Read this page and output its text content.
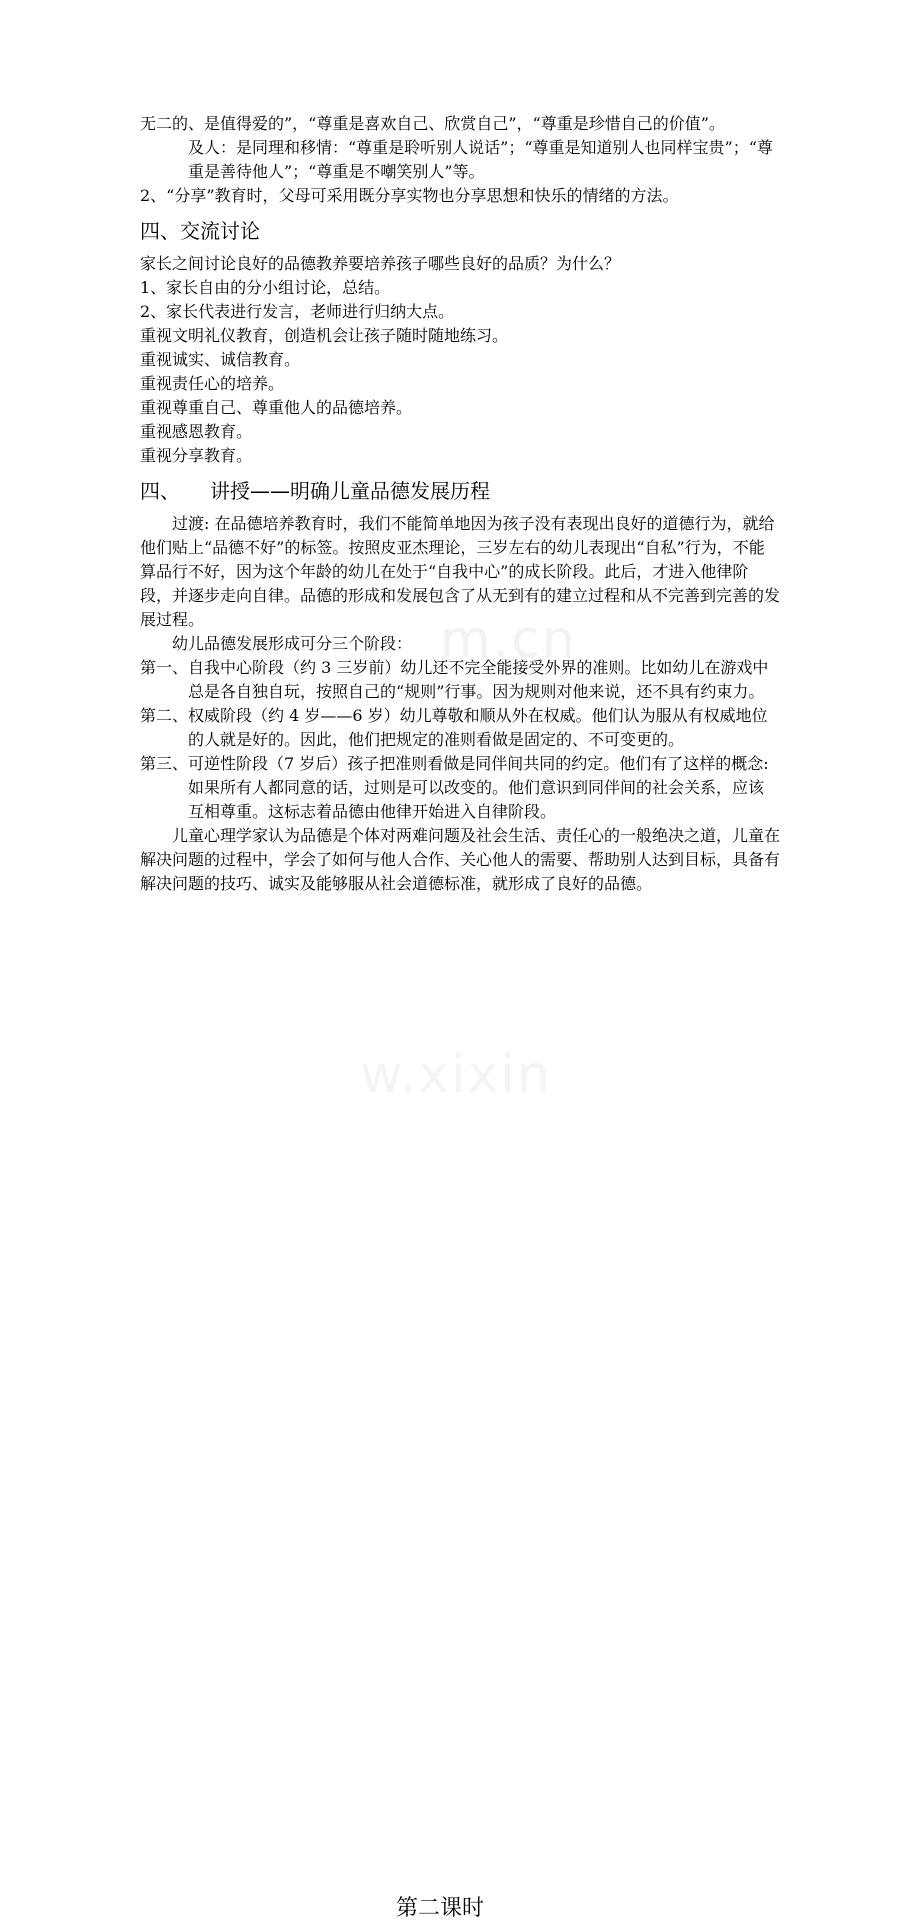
m.cn
w.xixin

无二的、是值得爱的”，“尊重是喜欢自己、欣赏自己”，“尊重是珍惜自己的价值”。

及人：是同理和移情：“尊重是聆听别人说话”；“尊重是知道别人也同样宝贵”；“尊重是善待他人”；“尊重是不嘲笑别人”等。

2、“分享”教育时，父母可采用既分享实物也分享思想和快乐的情绪的方法。

四、交流讨论

家长之间讨论良好的品德教养要培养孩子哪些良好的品质？为什么？

1、家长自由的分小组讨论，总结。

2、家长代表进行发言，老师进行归纳大点。

重视文明礼仪教育，创造机会让孩子随时随地练习。

重视诚实、诚信教育。

重视责任心的培养。

重视尊重自己、尊重他人的品德培养。

重视感恩教育。

重视分享教育。

四、 讲授——明确儿童品德发展历程

过渡: 在品德培养教育时，我们不能简单地因为孩子没有表现出良好的道德行为，就给他们贴上“品德不好”的标签。按照皮亚杰理论，三岁左右的幼儿表现出“自私”行为，不能算品行不好，因为这个年龄的幼儿在处于“自我中心”的成长阶段。此后，才进入他律阶段，并逐步走向自律。品德的形成和发展包含了从无到有的建立过程和从不完善到完善的发展过程。

幼儿品德发展形成可分三个阶段：

第一、 自我中心阶段（约 3 三岁前）幼儿还不完全能接受外界的准则。比如幼儿在游戏中总是各自独自玩，按照自己的“规则”行事。因为规则对他来说，还不具有约束力。
第二、 权威阶段（约 4 岁——6 岁）幼儿尊敬和顺从外在权威。他们认为服从有权威地位的人就是好的。因此，他们把规定的准则看做是固定的、不可变更的。
第三、 可逆性阶段（7 岁后）孩子把准则看做是同伴间共同的约定。他们有了这样的概念: 如果所有人都同意的话，过则是可以改变的。他们意识到同伴间的社会关系，应该互相尊重。这标志着品德由他律开始进入自律阶段。

儿童心理学家认为品德是个体对两难问题及社会生活、责任心的一般绝决之道，儿童在解决问题的过程中，学会了如何与他人合作、关心他人的需要、帮助别人达到目标，具备有解决问题的技巧、诚实及能够服从社会道德标准，就形成了良好的品德。

第二课时
